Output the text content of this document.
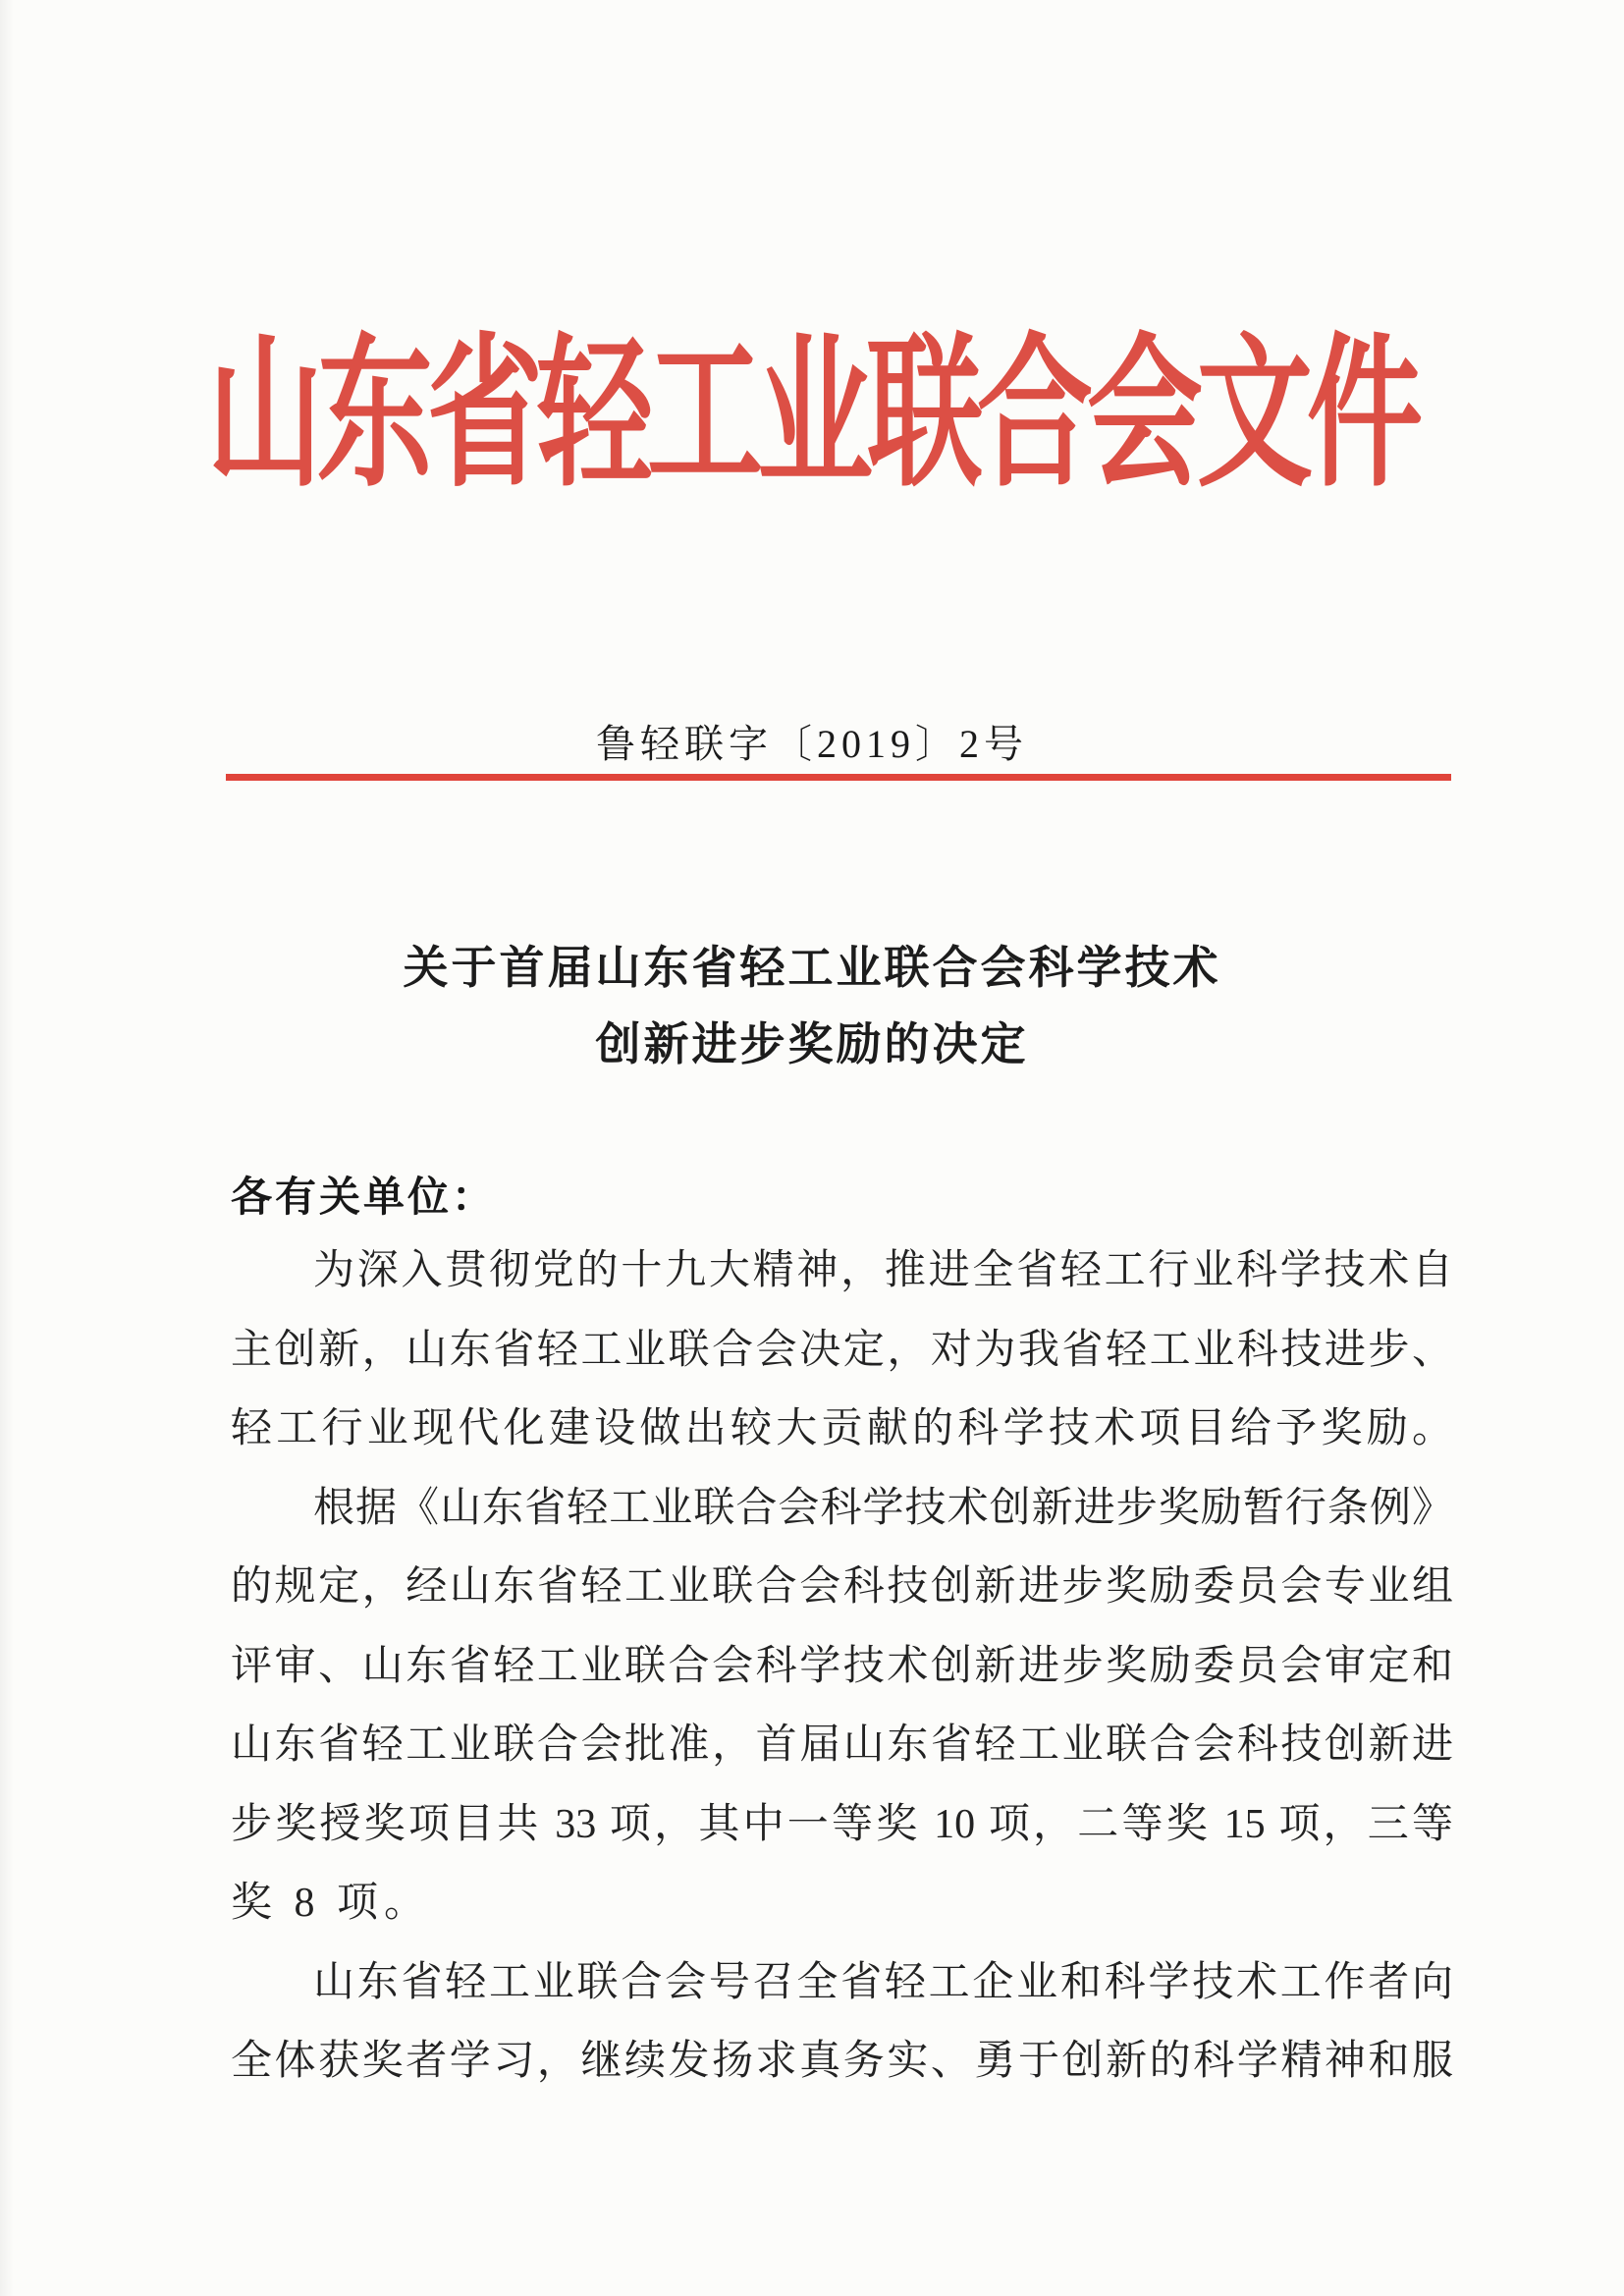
山东省轻工业联合会文件
鲁轻联字〔2019〕2号
关于首届山东省轻工业联合会科学技术
创新进步奖励的决定
各有关单位：
为深入贯彻党的十九大精神，推进全省轻工行业科学技术自
主创新，山东省轻工业联合会决定，对为我省轻工业科技进步、
轻工行业现代化建设做出较大贡献的科学技术项目给予奖励。
根据《山东省轻工业联合会科学技术创新进步奖励暂行条例》
的规定，经山东省轻工业联合会科技创新进步奖励委员会专业组
评审、山东省轻工业联合会科学技术创新进步奖励委员会审定和
山东省轻工业联合会批准，首届山东省轻工业联合会科技创新进
步奖授奖项目共 33 项，其中一等奖 10 项，二等奖 15 项，三等
奖 8 项。
山东省轻工业联合会号召全省轻工企业和科学技术工作者向
全体获奖者学习，继续发扬求真务实、勇于创新的科学精神和服
